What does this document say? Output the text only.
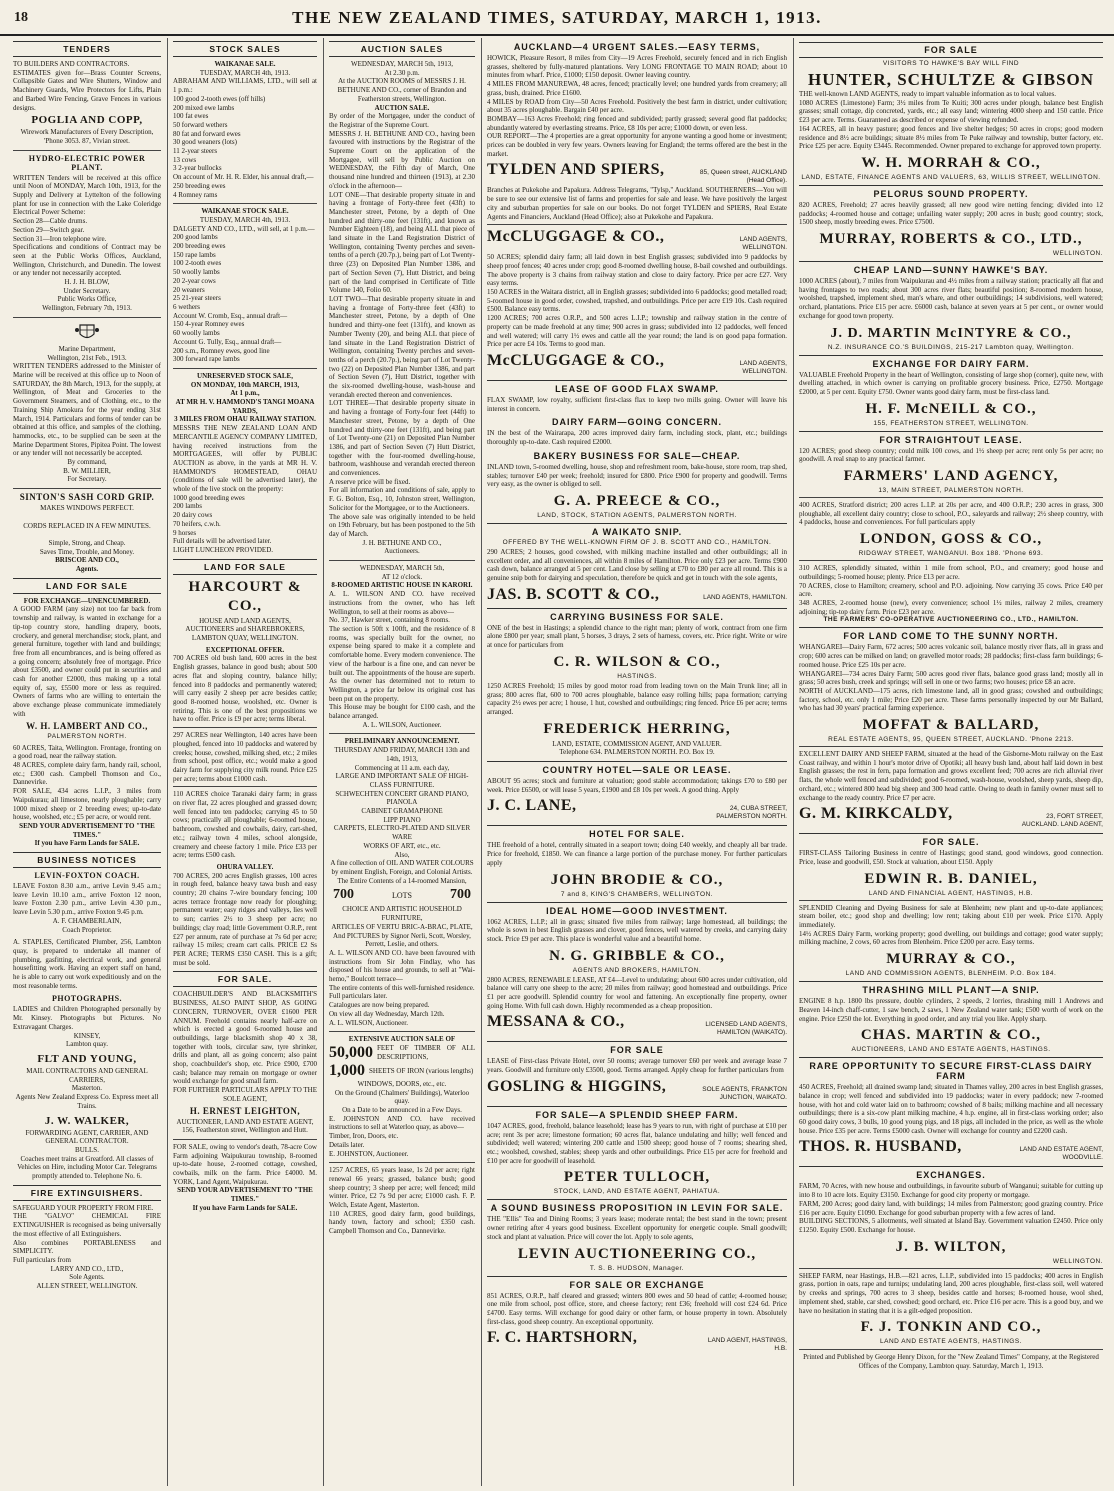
18	THE NEW ZEALAND TIMES, SATURDAY, MARCH 1, 1913.
TENDERS
TO BUILDERS AND CONTRACTORS.
ESTIMATES given for—Brass Counter Screens, Collapsible Gates and Wire Shutters, Window and Machinery Guards, Wire Protectors for Lifts, Plain and Barbed Wire Fencing, Grave Fences in various designs.
POGLIA AND COPP,
Wirework Manufacturers of Every Description,
'Phone 3053. 87, Vivian street.
HYDRO-ELECTRIC POWER PLANT.
WRITTEN Tenders will be received at this office until Noon of MONDAY, March 10th, 1913, for the Supply and Delivery at Lyttelton of the following plant for use in connection with the Lake Coleridge Electrical Power Scheme:
Section 28—Cable drums.
Section 29—Switch gear.
Section 31—Iron telephone wire.
Specifications and conditions of Contract may be seen at the Public Works Offices, Auckland, Wellington, Christchurch, and Dunedin. The lowest or any tender not necessarily accepted.
H. J. H. BLOW,
Under Secretary.
Public Works Office,
Wellington, February 7th, 1913.
Marine Department,
Wellington, 21st Feb., 1913.
WRITTEN TENDERS addressed to the Minister of Marine will be received at this office up to Noon of SATURDAY, the 8th March, 1913, for the supply, at Wellington, of Meat and Groceries to the Government Steamers, and of Clothing, etc., to the Training Ship Amokura for the year ending 31st March, 1914. Particulars and forms of tender can be obtained at this office, and samples of the clothing, hammocks, etc., to be supplied can be seen at the Marine Department Stores, Pipitea Point. The lowest or any tender will not necessarily be accepted.
By command,
B. W. MILLIER,
For Secretary.
SINTON'S SASH CORD GRIP.
MAKES WINDOWS PERFECT.

CORDS REPLACED IN A FEW MINUTES.

Simple, Strong, and Cheap.
Saves Time, Trouble, and Money.
BRISCOE AND CO.,
Agents.
LAND FOR SALE
FOR EXCHANGE—UNENCUMBERED.
A GOOD FARM (any size) not too far back from township and railway, is wanted in exchange for a tip-top country store, handling drapery, boots, crockery, and general merchandise; stock, plant, and general furniture, together with land and buildings; free from all encumbrances, and is being offered as a going concern; absolutely free of mortgage. Price about £3500, and owner could put in securities and cash for another £2000, thus making up a total equity of, say, £5500 more or less as required. Owners of farms who are willing to entertain the above exchange please communicate immediately with
W. H. LAMBERT AND CO.,
PALMERSTON NORTH.
60 ACRES, Taita, Wellington. Frontage, fronting on a good road, near the railway station.
48 ACRES, complete dairy farm, handy rail, school, etc.; £300 cash. Campbell Thomson and Co., Dannevirke.
FOR SALE, 434 acres L.I.P., 3 miles from Waipukurau; all limestone, nearly ploughable; carry 1000 mixed sheep or 2 breeding ewes; up-to-date house, woolshed, etc.; £5 per acre, or would rent.
SEND YOUR ADVERTISEMENT TO "THE TIMES."
If you have Farm Lands for SALE.
BUSINESS NOTICES
LEVIN-FOXTON COACH.
LEAVE Foxton 8.30 a.m., arrive Levin 9.45 a.m.; leave Levin 10.10 a.m., arrive Foxton 12 noon, leave Foxton 2.30 p.m., arrive Levin 4.30 p.m., leave Levin 5.30 p.m., arrive Foxton 9.45 p.m.
A. F. CHAMBERLAIN,
Coach Proprietor.
A. STAPLES, Certificated Plumber, 256, Lambton quay, is prepared to undertake all manner of plumbing, gasfitting, electrical work, and general housefitting work. Having an expert staff on hand, he is able to carry out work expeditiously and on the most reasonable terms.
PHOTOGRAPHS.
LADIES and Children Photographed personally by Mr. Kinsey. Photographs but Pictures. No Extravagant Charges.
KINSEY,
Lambton quay.
FLT AND YOUNG,
MAIL CONTRACTORS AND GENERAL CARRIERS,
Masterton.
Agents New Zealand Express Co. Express meet all Trains.
J. W. WALKER,
FORWARDING AGENT, CARRIER, AND GENERAL CONTRACTOR.
BULLS.
Coaches meet trains at Greatford. All classes of Vehicles on Hire, including Motor Car. Telegrams promptly attended to. Telephone No. 6.
FIRE EXTINGUISHERS.
SAFEGUARD YOUR PROPERTY FROM FIRE.
THE "GALVO" CHEMICAL FIRE EXTINGUISHER is recognised as being universally the most effective of all Extinguishers.
Also combines PORTABLENESS and SIMPLICITY.
Full particulars from
LARRY AND CO., LTD.,
Sole Agents.
ALLEN STREET, WELLINGTON.
STOCK SALES
WAIKANAE SALE.
TUESDAY, MARCH 4th, 1913.
ABRAHAM AND WILLIAMS, LTD., will sell at 1 p.m.:
100 good 2-tooth ewes (off hills)
200 mixed ewe lambs
100 fat ewes
50 forward wethers
80 fat and forward ewes
30 good weaners (lots)
11 2-year steers
13 cows
3 2-year bullocks
On account of Mr. H. R. Elder, his annual draft,—
250 breeding ewes
4 Romney rams
WAIKANAE STOCK SALE.
TUESDAY, MARCH 4th, 1913.
DALGETY AND CO., LTD., will sell, at 1 p.m.—
200 good lambs
200 breeding ewes
150 rape lambs
100 2-tooth ewes
50 woolly lambs
20 2-year cows
20 weaners
25 21-year steers
6 wethers
Account W. Cromb, Esq., annual draft—
150 4-year Romney ewes
60 woolly lambs
Account G. Tully, Esq., annual draft—
200 s.m., Romney ewes, good line
300 forward rape lambs
UNRESERVED STOCK SALE,
ON MONDAY, 10th MARCH, 1913,
At 1 p.m.,
AT MR H. V. HAMMOND'S TANGI MOANA YARDS,
3 MILES FROM OHAU RAILWAY STATION.
MESSRS THE NEW ZEALAND LOAN AND MERCANTILE AGENCY COMPANY LIMITED, having received instructions from the MORTGAGEES, will offer by PUBLIC AUCTION as above, in the yards at MR H. V. HAMMOND'S HOMESTEAD, OHAU (conditions of sale will be advertised later), the whole of the live stock on the property:
1000 good breeding ewes
200 lambs
20 dairy cows
70 heifers, c.w.h.
9 horses
Full details will be advertised later.
LIGHT LUNCHEON PROVIDED.
LAND FOR SALE
HARCOURT & CO.,
HOUSE AND LAND AGENTS,
AUCTIONEERS and SHAREBROKERS,
LAMBTON QUAY, WELLINGTON.
EXCEPTIONAL OFFER.
700 ACRES old bush land, 600 acres in the best English grasses, balance in good bush; about 500 acres flat and sloping country, balance hilly; fenced into 8 paddocks and permanently watered; will carry easily 2 sheep per acre besides cattle; good 8-roomed house, woolshed, etc. Owner is retiring. This is one of the best propositions we have to offer. Price is £9 per acre; terms liberal.
297 ACRES near Wellington, 140 acres have been ploughed, fenced into 10 paddocks and watered by creeks; house, cowshed, milking shed, etc.; 2 miles from school, post office, etc.; would make a good dairy farm for supplying city milk round. Price £25 per acre; terms about £1000 cash.
110 ACRES choice Taranaki dairy farm; in grass on river flat, 22 acres ploughed and grassed down; well fenced into ten paddocks; carrying 45 to 50 cows; practically all ploughable; 6-roomed house, bathroom, cowshed and cowbails, dairy, cart-shed, etc.; railway town 4 miles, school alongside, creamery and cheese factory 1 mile. Price £33 per acre; terms £500 cash.
OHURA VALLEY.
700 ACRES, 200 acres English grasses, 100 acres in rough feed, balance heavy tawa bush and easy country; 20 chains 7-wire boundary fencing; 100 acres terrace frontage now ready for ploughing; permanent water; easy ridges and valleys, lies well to sun; carries 2½ to 3 sheep per acre; no buildings; clay road; little Government O.R.P., rent £27 per annum, rate of purchase at 7s 6d per acre; railway 15 miles; cream cart calls. PRICE £2 Ss PER ACRE; TERMS £350 CASH. This is a gift; must be sold.
FOR SALE.
COACHBUILDER'S AND BLACKSMITH'S BUSINESS, ALSO PAINT SHOP, AS GOING CONCERN, TURNOVER, OVER £1600 PER ANNUM. Freehold contains nearly half-acre on which is erected a good 6-roomed house and outbuildings, large blacksmith shop 40 x 38, together with tools, circular saw, tyre shrinker, drills and plant, all as going concern; also paint shop, coachbuilder's shop, etc. Price £900, £700 cash; balance may remain on mortgage or owner would exchange for good small farm.
FOR FURTHER PARTICULARS APPLY TO THE SOLE AGENT,
H. ERNEST LEIGHTON,
AUCTIONEER, LAND AND ESTATE AGENT,
156, Featherston street, Wellington and Hutt.
FOR SALE, owing to vendor's death, 78-acre Cow Farm adjoining Waipukurau township, 8-roomed up-to-date house, 2-roomed cottage, cowshed, cowbails, milk on the farm. Price £4000. M. YORK, Land Agent, Waipukurau.
SEND YOUR ADVERTISEMENT TO "THE TIMES."
If you have Farm Lands for SALE.
AUCTION SALES
WEDNESDAY, MARCH 5th, 1913,
At 2.30 p.m.
At the AUCTION ROOMS of MESSRS J. H. BETHUNE AND CO., corner of Brandon and Featherston streets, Wellington.
AUCTION SALE.
By order of the Mortgagee, under the conduct of the Registrar of the Supreme Court.
MESSRS J. H. BETHUNE AND CO., having been favoured with instructions by the Registrar of the Supreme Court on the application of the Mortgagee, will sell by Public Auction on WEDNESDAY, the Fifth day of March, One thousand nine hundred and thirteen (1913), at 2.30 o'clock in the afternoon—
LOT ONE—That desirable property situate in and having a frontage of Forty-three feet (43ft) to Manchester street, Petone, by a depth of One hundred and thirty-one feet (131ft), and known as Number Eighteen (18), and being ALL that piece of land situate in the Land Registration District of Wellington, containing Twenty perches and seven-tenths of a perch (20.7p.), being part of Lot Twenty-three (23) on Deposited Plan Number 1386, and part of Section Seven (7), Hutt District, and being part of the land comprised in Certificate of Title Volume 140, Folio 60.
LOT TWO—That desirable property situate in and having a frontage of Forty-three feet (43ft) to Manchester street, Petone, by a depth of One hundred and thirty-one feet (131ft), and known as Number Twenty (20), and being ALL that piece of land situate in the Land Registration District of Wellington, containing Twenty perches and seven-tenths of a perch (20.7p.), being part of Lot Twenty-two (22) on Deposited Plan Number 1386, and part of Section Seven (7), Hutt District, together with the six-roomed dwelling-house, wash-house and verandah erected thereon and conveniences.
LOT THREE—That desirable property situate in and having a frontage of Forty-four feet (44ft) to Manchester street, Petone, by a depth of One hundred and thirty-one feet (131ft), and being part of Lot Twenty-one (21) on Deposited Plan Number 1386, and part of Section Seven (7) Hutt District, together with the four-roomed dwelling-house, bathroom, washhouse and verandah erected thereon and conveniences.
A reserve price will be fixed.
For all information and conditions of sale, apply to F. G. Bolton, Esq., 10, Johnston street, Wellington, Solicitor for the Mortgagee, or to the Auctioneers.
The above sale was originally intended to be held on 19th February, but has been postponed to the 5th day of March.
J. H. BETHUNE AND CO.,
Auctioneers.
WEDNESDAY, MARCH 5th,
AT 12 o'clock.
8-ROOMED ARTISTIC HOUSE IN KARORI.
A. L. WILSON AND CO. have received instructions from the owner, who has left Wellington, to sell at their rooms as above—
No. 37, Hawker street, containing 8 rooms.
The section is 50ft x 100ft, and the residence of 8 rooms, was specially built for the owner, no expense being spared to make it a complete and comfortable home. Every modern convenience. The view of the harbour is a fine one, and can never be built out. The appointments of the house are superb. As the owner has determined not to return to Wellington, a price far below its original cost has been put on the property.
This House may be bought for £100 cash, and the balance arranged.
A. L. WILSON, Auctioneer.
PRELIMINARY ANNOUNCEMENT.
THURSDAY AND FRIDAY, MARCH 13th and 14th, 1913,
Commencing at 11 a.m. each day,
LARGE AND IMPORTANT SALE OF HIGH-CLASS FURNITURE.
SCHWECHTEN CONCERT GRAND PIANO, PIANOLA
CABINET GRAMAPHONE
LIPP PIANO
CARPETS, ELECTRO-PLATED AND SILVER WARE
WORKS OF ART, etc., etc.
Also,
A fine collection of OIL AND WATER COLOURS by eminent English, Foreign, and Colonial Artists.
The Entire Contents of a 14-roomed Mansion,
700	LOTS	700
CHOICE AND ARTISTIC HOUSEHOLD FURNITURE,
ARTICLES OF VERTU BRIC-A-BRAC, PLATE,
And PICTURES by Signor Nerli, Scott, Worsley, Perrett, Leslie, and others.
A. L. WILSON AND CO. have been favoured with instructions from Sir John Findlay, who has disposed of his house and grounds, to sell at "Wai-hemo," Boulcott terrace—
The entire contents of this well-furnished residence.
Full particulars later.
Catalogues are now being prepared.
On view all day Wednesday, March 12th.
A. L. WILSON, Auctioneer.
EXTENSIVE AUCTION SALE OF
50,000 FEET OF TIMBER OF ALL DESCRIPTIONS,
1,000 SHEETS OF IRON (various lengths)
WINDOWS, DOORS, etc., etc.
On the Ground (Chalmers' Buildings), Waterloo quay.
On a Date to be announced in a Few Days.
E. JOHNSTON AND CO. have received instructions to sell at Waterloo quay, as above—
Timber, Iron, Doors, etc.
Details later.
E. JOHNSTON, Auctioneer.
1257 ACRES, 65 years lease, 1s 2d per acre; right renewal 66 years; grassed, balance bush; good sheep country; 3 sheep per acre; well fenced; mild winter. Price, £2 7s 9d per acre; £1000 cash. F. P. Welch, Estate Agent, Masterton.
110 ACRES, good dairy farm, good buildings, handy town, factory and school; £350 cash. Campbell Thomson and Co., Dannevirke.
AUCKLAND—4 URGENT SALES.—EASY TERMS,
HOWICK, Pleasure Resort, 8 miles from City—19 Acres Freehold, securely fenced and in rich English grasses, sheltered by fully-matured plantations. Very LONG FRONTAGE TO MAIN ROAD; about 10 minutes from wharf. Price, £1000; £150 deposit. Owner leaving country.
4 MILES FROM MANUREWA, 48 acres, fenced; practically level; one hundred yards from creamery; all grass, bush, drained. Price £1600.
4 MILES by ROAD from City—50 Acres Freehold. Positively the best farm in district, under cultivation; about 35 acres ploughable. Bargain £40 per acre.
BOMBAY—163 Acres Freehold; ring fenced and subdivided; partly grassed; several good flat paddocks; abundantly watered by everlasting streams. Price, £8 10s per acre; £1000 down, or even less.
OUR REPORT—The 4 properties are a great opportunity for anyone wanting a good home or investment; prices can be doubled in very few years. Owners leaving for England; the terms offered are the best in the market.
TYLDEN AND SPIERS,	85, Queen street, AUCKLAND (Head Office).
Branches at Pukekohe and Papakura. Address Telegrams, "Tylsp," Auckland. SOUTHERNERS—You will be sure to see our extensive list of farms and properties for sale and lease. We have positively the largest city and suburban properties for sale on our books. Do not forget TYLDEN and SPIERS, Real Estate Agents and Financiers, Auckland (Head Office); also at Pukekohe and Papakura.
McCLUGGAGE & CO.,	LAND AGENTS, WELLINGTON.
50 ACRES; splendid dairy farm; all laid down in best English grasses; subdivided into 9 paddocks by sheep proof fences; 40 acres under crop; good 8-roomed dwelling house, 8-bail cowshed and outbuildings. The above property is 3 chains from railway station and close to dairy factory. Price per acre £27. Very easy terms.
150 ACRES in the Waitara district, all in English grasses; subdivided into 6 paddocks; good metalled road; 5-roomed house in good order, cowshed, trapshed, and outbuildings. Price per acre £19 10s. Cash required £500. Balance easy terms.
1200 ACRES; 700 acres O.R.P., and 500 acres L.I.P.; township and railway station in the centre of property can be made freehold at any time; 900 acres in grass; subdivided into 12 paddocks, well fenced and well watered; will carry 1½ ewes and cattle all the year round; the land is on good papa formation. Price per acre £4 10s. Terms to good man.
McCLUGGAGE & CO.,	LAND AGENTS, WELLINGTON.
LEASE OF GOOD FLAX SWAMP.
FLAX SWAMP, low royalty, sufficient first-class flax to keep two mills going. Owner will leave his interest in concern.
DAIRY FARM—GOING CONCERN.
IN the best of the Wairarapa, 200 acres improved dairy farm, including stock, plant, etc.; buildings thoroughly up-to-date. Cash required £2000.
BAKERY BUSINESS FOR SALE—CHEAP.
INLAND town, 5-roomed dwelling, house, shop and refreshment room, bake-house, store room, trap shed, stables; turnover £40 per week; freehold; insured for £800. Price £900 for property and goodwill. Terms very easy, as the owner is obliged to sell.
G. A. PREECE & CO.,
LAND, STOCK, STATION AGENTS, PALMERSTON NORTH.
A WAIKATO SNIP.
OFFERED BY THE WELL-KNOWN FIRM OF J. B. SCOTT AND CO., HAMILTON.
290 ACRES; 2 houses, good cowshed, with milking machine installed and other outbuildings; all in excellent order, and all conveniences, all within 8 miles of Hamilton. Price only £23 per acre. Terms £900 cash down, balance arranged at 5 per cent. Land close by selling at £70 to £80 per acre all round. This is a genuine snip both for dairying and speculation, therefore be quick and get in touch with the sole agents,
JAS. B. SCOTT & CO.,	LAND AGENTS, HAMILTON.
CARRYING BUSINESS FOR SALE.
ONE of the best in Hastings; a splendid chance to the right man; plenty of work, contract from one firm alone £800 per year; small plant, 5 horses, 3 drays, 2 sets of harness, covers, etc. Price right. Write or wire at once for particulars from
C. R. WILSON & CO.,
HASTINGS.
1250 ACRES Freehold; 15 miles by good motor road from leading town on the Main Trunk line; all in grass; 800 acres flat, 600 to 700 acres ploughable, balance easy rolling hills; papa formation; carrying capacity 2½ ewes per acre; 1 house, 1 hut, cowshed and outbuildings; ring fenced. Price £6 per acre; terms arranged.
FREDERICK HERRING,
LAND, ESTATE, COMMISSION AGENT, AND VALUER.
Telephone 634. PALMERSTON NORTH. P.O. Box 19.
COUNTRY HOTEL—SALE OR LEASE.
ABOUT 95 acres; stock and furniture at valuation; good stable accommodation; takings £70 to £80 per week. Price £6500, or will lease 5 years, £1900 and £8 10s per week. A good thing. Apply
J. C. LANE,	24, CUBA STREET, PALMERSTON NORTH.
HOTEL FOR SALE.
THE freehold of a hotel, centrally situated in a seaport town; doing £40 weekly, and cheaply all bar trade. Price for freehold, £1850. We can finance a large portion of the purchase money. For further particulars apply
JOHN BRODIE & CO.,
7 and 8, KING'S CHAMBERS, WELLINGTON.
IDEAL HOME—GOOD INVESTMENT.
1062 ACRES, L.I.P.; all in grass; situated five miles from railway; large homestead, all buildings; the whole is sown in best English grasses and clover, good fences, well watered by creeks, and carrying dairy stock. Price £9 per acre. This place is wonderful value and a beautiful home.
N. G. GRIBBLE & CO.,
AGENTS AND BROKERS, HAMILTON.
2800 ACRES, RENEWABLE LEASE, AT £4—Level to undulating; about 600 acres under cultivation, old balance will carry one sheep to the acre; 20 miles from railway; good homestead and outbuildings. Price £1 per acre goodwill. Splendid country for wool and fattening. An exceptionally fine property, owner going Home. With full cash down. Highly recommended as a cheap proposition.
MESSANA & CO.,	LICENSED LAND AGENTS, HAMILTON (WAIKATO).
FOR SALE
LEASE of First-class Private Hotel, over 50 rooms; average turnover £60 per week and average lease 7 years. Goodwill and furniture only £3500, good. Terms arranged. Apply cheap for further particulars from
GOSLING & HIGGINS,	SOLE AGENTS, FRANKTON JUNCTION, WAIKATO.
FOR SALE—A SPLENDID SHEEP FARM.
1047 ACRES, good, freehold, balance leasehold; lease has 9 years to run, with right of purchase at £10 per acre; rent 3s per acre; limestone formation; 60 acres flat, balance undulating and hilly; well fenced and subdivided; well watered; wintering 200 cattle and 1500 sheep; good house of 7 rooms; shearing shed, etc.; woolshed, cowshed, stables; sheep yards and other outbuildings. Price £15 per acre for freehold and £10 per acre for goodwill of leasehold.
PETER TULLOCH,
STOCK, LAND, AND ESTATE AGENT, PAHIATUA.
A SOUND BUSINESS PROPOSITION IN LEVIN FOR SALE.
THE "Ellis" Tea and Dining Rooms; 3 years lease; moderate rental; the best stand in the town; present owner retiring after 4 years good business. Excellent opportunity for energetic couple. Small goodwill; stock and plant at valuation. Price will cover the lot. Apply to sole agents,
LEVIN AUCTIONEERING CO.,
T. S. B. HUDSON, Manager.
FOR SALE OR EXCHANGE
851 ACRES, O.R.P., half cleared and grassed; winters 800 ewes and 50 head of cattle; 4-roomed house; one mile from school, post office, store, and cheese factory; rent £36; freehold will cost £24 6d. Price £4700. Easy terms. Will exchange for good dairy or other farm, or house property in town. Absolutely first-class, good sheep country. An exceptional opportunity.
F. C. HARTSHORN,	LAND AGENT, HASTINGS, H.B.
FOR SALE
VISITORS TO HAWKE'S BAY WILL FIND
HUNTER, SCHULTZE & GIBSON
THE well-known LAND AGENTS, ready to impart valuable information as to local values.
1080 ACRES (Limestone) Farm; 3½ miles from Te Kuiti; 300 acres under plough, balance best English grasses; small cottage, dip concreted, yards, etc.; all easy land; wintering 4000 sheep and 150 cattle. Price £23 per acre. Terms. Guaranteed as described or expense of viewing refunded.
164 ACRES, all in heavy pasture; good fences and live shelter hedges; 50 acres in crops; good modern residence and 8½ acre buildings; situate 8½ miles from Te Puke railway and township, butter factory, etc. Price £25 per acre. Equity £3445. Recommended. Owner prepared to exchange for approved town property.
W. H. MORRAH & CO.,
LAND, ESTATE, FINANCE AGENTS AND VALUERS, 63, WILLIS STREET, WELLINGTON.
PELORUS SOUND PROPERTY.
820 ACRES, Freehold; 27 acres heavily grassed; all new good wire netting fencing; divided into 12 paddocks; 4-roomed house and cottage; unfailing water supply; 200 acres in bush; good country; stock, 1500 sheep, mostly breeding ewes. Price £7500.
MURRAY, ROBERTS & CO., LTD.,
WELLINGTON.
CHEAP LAND—SUNNY HAWKE'S BAY.
1000 ACRES (about), 7 miles from Waipukurau and 4½ miles from a railway station; practically all flat and having frontages to two roads; about 300 acres river flats; beautiful position; 8-roomed modern house, woolshed, trapshed, implement shed, man's whare, and other outbuildings; 14 subdivisions, well watered; orchard, plantations. Price £15 per acre. £6000 cash, balance at seven years at 5 per cent., or owner would exchange for good town property.
J. D. MARTIN McINTYRE & CO.,
N.Z. INSURANCE CO.'S BUILDINGS, 215-217 Lambton quay, Wellington.
EXCHANGE FOR DAIRY FARM.
VALUABLE Freehold Property in the heart of Wellington, consisting of large shop (corner), quite new, with dwelling attached, in which owner is carrying on profitable grocery business. Price, £2750. Mortgage £2000, at 5 per cent. Equity £750. Owner wants good dairy farm, must be first-class land.
H. F. McNEILL & CO.,
155, FEATHERSTON STREET, WELLINGTON.
FOR STRAIGHTOUT LEASE.
120 ACRES; good sheep country; could milk 100 cows, and 1½ sheep per acre; rent only 5s per acre; no goodwill. A real snap to any practical farmer.
FARMERS' LAND AGENCY,
13, MAIN STREET, PALMERSTON NORTH.
400 ACRES, Stratford district; 200 acres L.I.P. at 20s per acre, and 400 O.R.P.; 230 acres in grass, 300 ploughable, all excellent dairy country; close to school, P.O., saleyards and railway; 2½ sheep country, with 4 paddocks, house and conveniences. For full particulars apply
LONDON, GOSS & CO.,
RIDGWAY STREET, WANGANUI. Box 188. 'Phone 693.
310 ACRES, splendidly situated, within 1 mile from school, P.O., and creamery; good house and outbuildings; 5-roomed house; plenty. Price £13 per acre.
70 ACRES, close to Hamilton; creamery, school and P.O. adjoining. Now carrying 35 cows. Price £40 per acre.
348 ACRES, 2-roomed house (new), every convenience; school 1½ miles, railway 2 miles, creamery adjoining; tip-top dairy farm. Price £23 per acre.
THE FARMERS' CO-OPERATIVE AUCTIONEERING CO., LTD., HAMILTON.
FOR LAND COME TO THE SUNNY NORTH.
WHANGAREI—Dairy Farm, 672 acres; 500 acres volcanic soil, balance mostly river flats, all in grass and crop; 600 acres can be milked on land; on gravelled motor roads; 28 paddocks; first-class farm buildings; 6-roomed house. Price £25 10s per acre.
WHANGAREI—734 acres Dairy Farm; 500 acres good river flats, balance good grass land; mostly all in grass; 50 acres bush, creek and springs; will sell in one or two farms; two houses; price £8 an acre.
NORTH of AUCKLAND—175 acres, rich limestone land, all in good grass; cowshed and outbuildings; factory, school, etc. only 1 mile; Price £20 per acre. These farms personally inspected by our Mr Ballard, who has had 30 years' practical farming experience.
MOFFAT & BALLARD,
REAL ESTATE AGENTS, 95, QUEEN STREET, AUCKLAND. 'Phone 2213.
EXCELLENT DAIRY AND SHEEP FARM, situated at the head of the Gisborne-Motu railway on the East Coast railway, and within 1 hour's motor drive of Opotiki; all heavy bush land, about half laid down in best English grasses; the rest in fern, papa formation and grows excellent feed; 700 acres are rich alluvial river flats, the whole well fenced and subdivided; good 6-roomed, wash-house, woolshed, sheep yards, sheep dip, orchard, etc.; wintered 800 head big sheep and 300 head cattle. Owing to death in family owner must sell to exchange to the ready country. Price £7 per acre.
G. M. KIRKCALDY,	23, FORT STREET, AUCKLAND. LAND AGENT,
FOR SALE.
FIRST-CLASS Tailoring Business in centre of Hastings; good stand, good windows, good connection. Price, lease and goodwill, £50. Stock at valuation, about £150. Apply
EDWIN R. B. DANIEL,
LAND AND FINANCIAL AGENT, HASTINGS, H.B.
SPLENDID Cleaning and Dyeing Business for sale at Blenheim; new plant and up-to-date appliances; steam boiler, etc.; good shop and dwelling; low rent; taking about £10 per week. Price £170. Apply immediately.
14½ ACRES Dairy Farm, working property; good dwelling, out buildings and cottage; good water supply; milking machine, 2 cows, 60 acres from Blenheim. Price £200 per acre. Easy terms.
MURRAY & CO.,
LAND AND COMMISSION AGENTS, BLENHEIM. P.O. Box 184.
THRASHING MILL PLANT—A SNIP.
ENGINE 8 h.p. 1800 lbs pressure, double cylinders, 2 speeds, 2 lorries, thrashing mill 1 Andrews and Beaven 14-inch chaff-cutter, 1 saw bench, 2 saws, 1 New Zealand water tank; £500 worth of work on the engine. Price £250 the lot. Everything in good order, and any trial you like. Apply sharp.
CHAS. MARTIN & CO.,
AUCTIONEERS, LAND AND ESTATE AGENTS, HASTINGS.
RARE OPPORTUNITY TO SECURE FIRST-CLASS DAIRY FARM
450 ACRES, Freehold; all drained swamp land; situated in Thames valley, 200 acres in best English grasses, balance in crop; well fenced and subdivided into 19 paddocks; water in every paddock; new 7-roomed house, with hot and cold water laid on to bathroom; cowshed of 8 bails; milking machine and all necessary outbuildings; there is a six-cow plant milking machine, 4 h.p. engine, all in first-class working order; also 60 good dairy cows, 3 bulls, 10 good young pigs, and 18 pigs, all included in the price, as well as the whole house. Price £35 per acre. Terms £5000 cash. Owner will exchange for country and £2200 cash.
THOS. R. HUSBAND,	LAND AND ESTATE AGENT, WOODVILLE.
EXCHANGES.
FARM, 70 Acres, with new house and outbuildings, in favourite suburb of Wanganui; suitable for cutting up into 8 to 10 acre lots. Equity £3150. Exchange for good city property or mortgage.
FARM, 200 Acres; good dairy land, with buildings; 14 miles from Palmerston; good grazing country. Price £16 per acre. Equity £1090. Exchange for good suburban property with a few acres of land.
BUILDING SECTIONS, 5 allotments, well situated at Island Bay. Government valuation £2450. Price only £1250. Equity £500. Exchange for house.
J. B. WILTON,
WELLINGTON.
SHEEP FARM, near Hastings, H.B.—821 acres, L.I.P., subdivided into 15 paddocks; 400 acres in English grass, portion in oats, rape and turnips; undulating land, 200 acres ploughable, first-class soil, well watered by creeks and springs, 700 acres to 3 sheep, besides cattle and horses; 8-roomed house, wool shed, implement shed, stable, car shed, cowshed; good orchard, etc. Price £16 per acre. This is a good buy, and we have no hesitation in stating that it is a gilt-edged proposition.
F. J. TONKIN AND CO.,
LAND AND ESTATE AGENTS, HASTINGS.
Printed and Published by George Henry Dixon, for the "New Zealand Times" Company, at the Registered Offices of the Company, Lambton quay. Saturday, March 1, 1913.
